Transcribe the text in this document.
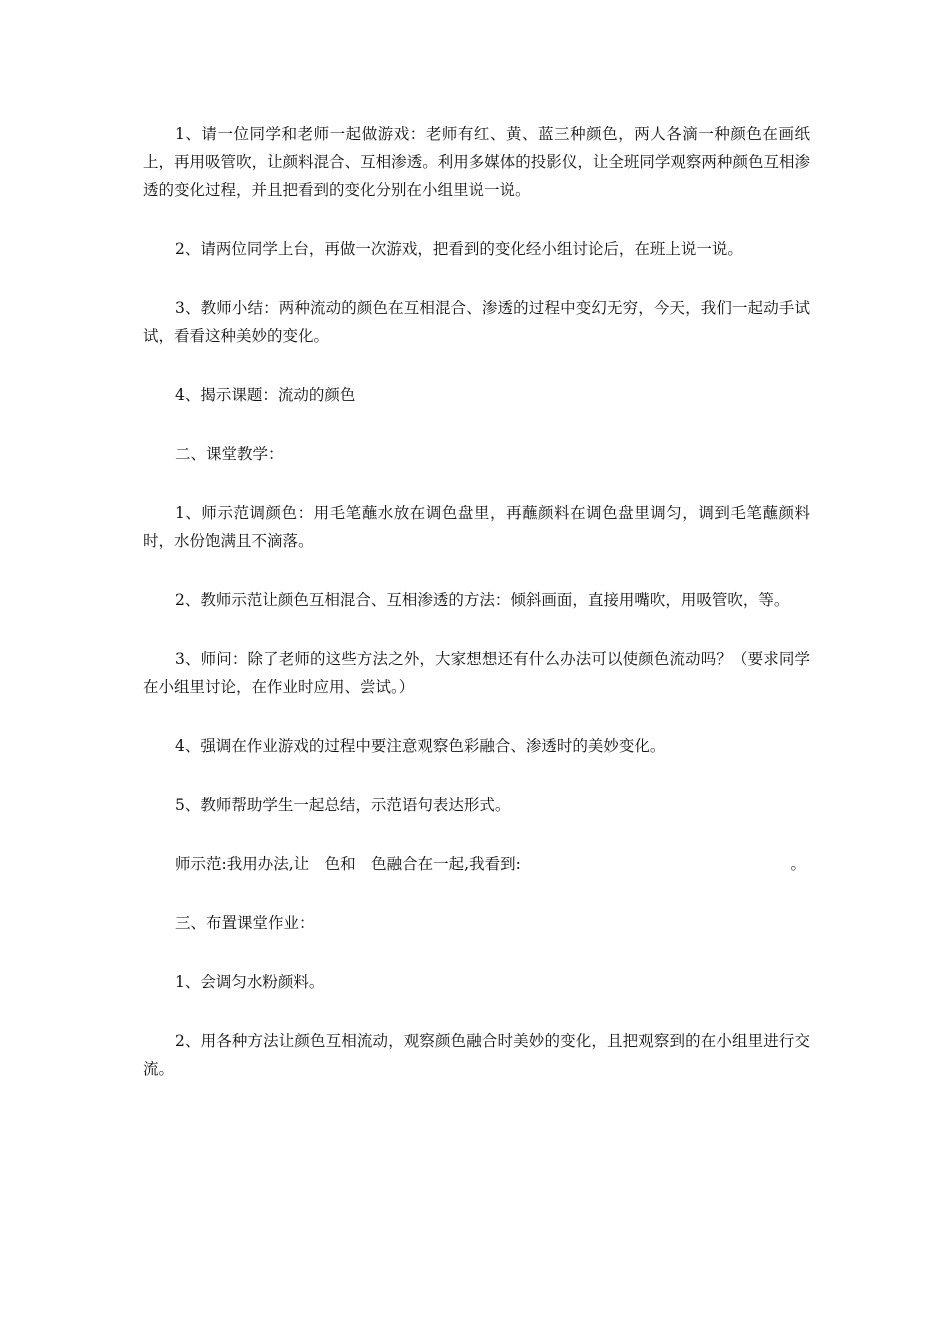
1、请一位同学和老师一起做游戏：老师有红、黄、蓝三种颜色，两人各滴一种颜色在画纸上，再用吸管吹，让颜料混合、互相渗透。利用多媒体的投影仪，让全班同学观察两种颜色互相渗透的变化过程，并且把看到的变化分别在小组里说一说。

2、请两位同学上台，再做一次游戏，把看到的变化经小组讨论后，在班上说一说。

3、教师小结：两种流动的颜色在互相混合、渗透的过程中变幻无穷，今天，我们一起动手试试，看看这种美妙的变化。

4、揭示课题：流动的颜色

二、课堂教学：

1、师示范调颜色：用毛笔蘸水放在调色盘里，再蘸颜料在调色盘里调匀，调到毛笔蘸颜料时，水份饱满且不滴落。

2、教师示范让颜色互相混合、互相渗透的方法：倾斜画面，直接用嘴吹，用吸管吹，等。

3、师问：除了老师的这些方法之外，大家想想还有什么办法可以使颜色流动吗？（要求同学在小组里讨论，在作业时应用、尝试。）

4、强调在作业游戏的过程中要注意观察色彩融合、渗透时的美妙变化。

5、教师帮助学生一起总结，示范语句表达形式。

师示范:我用办法,让　色和　色融合在一起,我看到:	。

三、布置课堂作业：

1、会调匀水粉颜料。

2、用各种方法让颜色互相流动，观察颜色融合时美妙的变化，且把观察到的在小组里进行交流。
